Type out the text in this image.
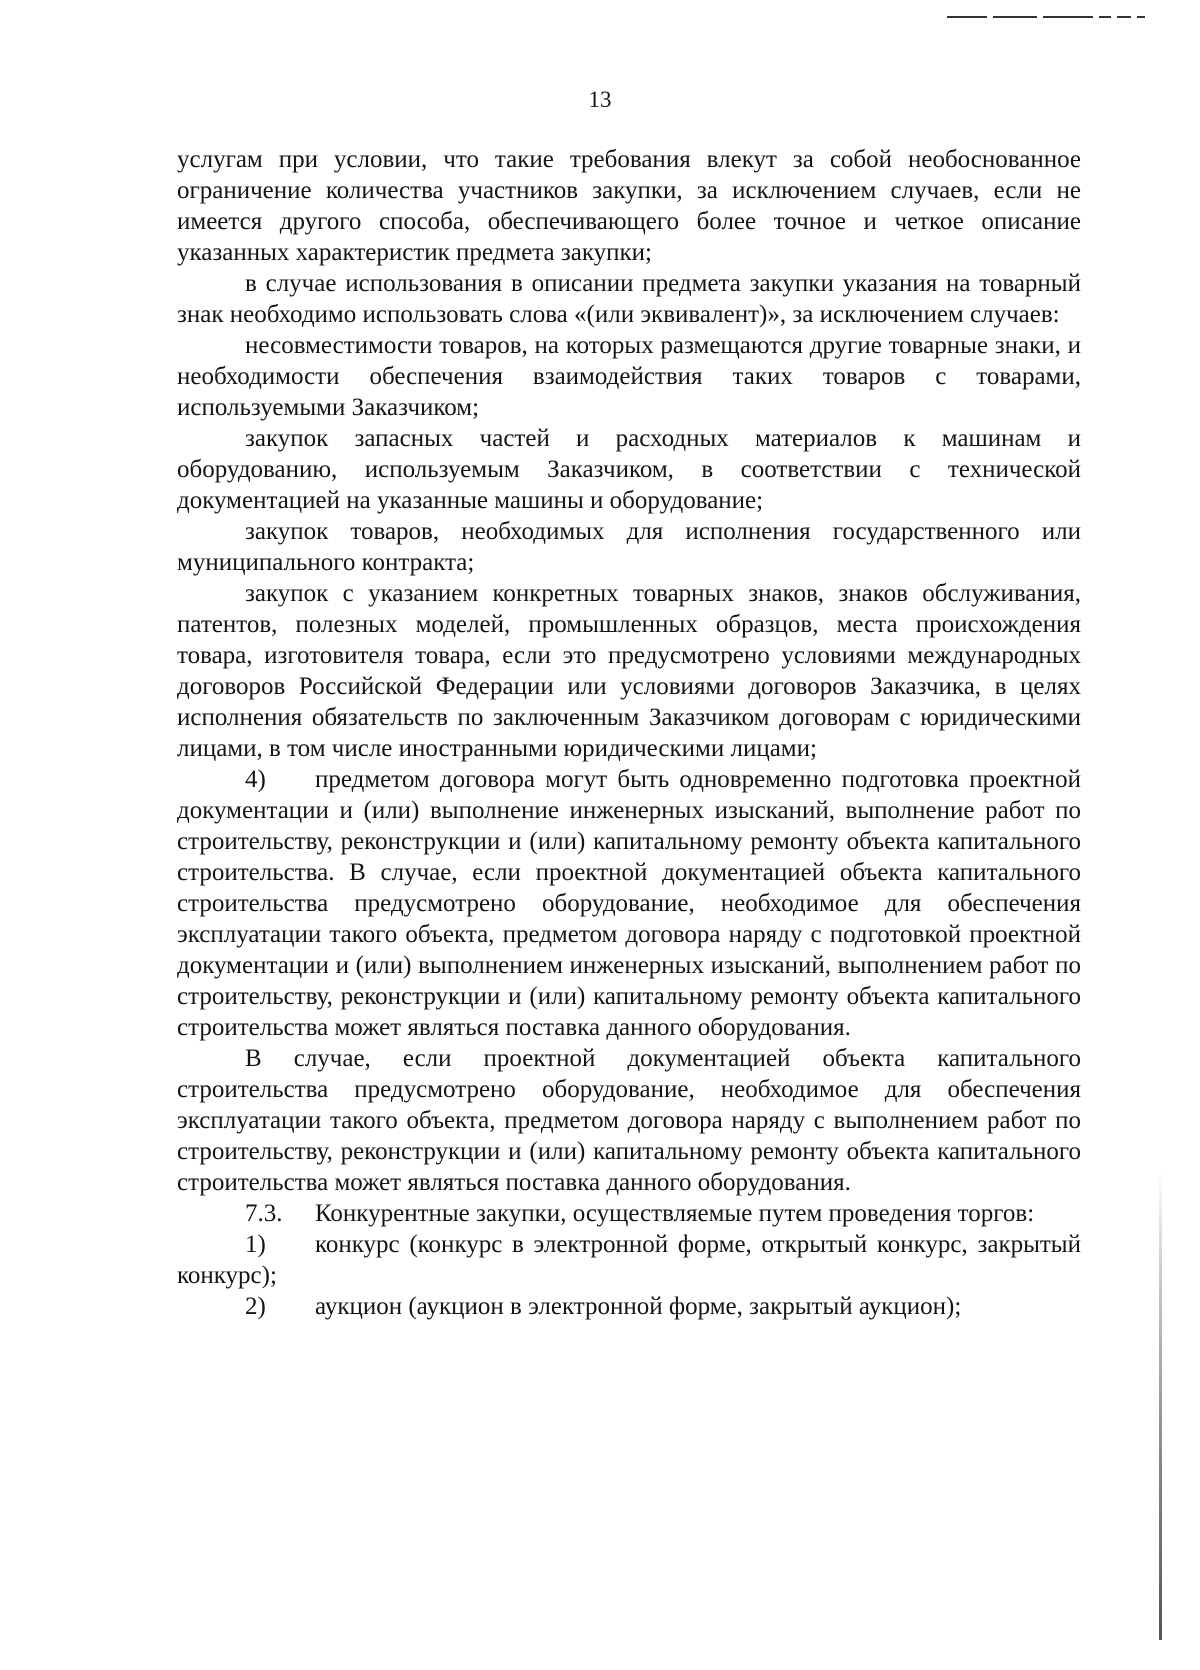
13

услугам при условии, что такие требования влекут за собой необоснованное ограничение количества участников закупки, за исключением случаев, если не имеется другого способа, обеспечивающего более точное и четкое описание указанных характеристик предмета закупки;

в случае использования в описании предмета закупки указания на товарный знак необходимо использовать слова «(или эквивалент)», за исключением случаев:

несовместимости товаров, на которых размещаются другие товарные знаки, и необходимости обеспечения взаимодействия таких товаров с товарами, используемыми Заказчиком;

закупок запасных частей и расходных материалов к машинам и оборудованию, используемым Заказчиком, в соответствии с технической документацией на указанные машины и оборудование;

закупок товаров, необходимых для исполнения государственного или муниципального контракта;

закупок с указанием конкретных товарных знаков, знаков обслуживания, патентов, полезных моделей, промышленных образцов, места происхождения товара, изготовителя товара, если это предусмотрено условиями международных договоров Российской Федерации или условиями договоров Заказчика, в целях исполнения обязательств по заключенным Заказчиком договорам с юридическими лицами, в том числе иностранными юридическими лицами;

4) предметом договора могут быть одновременно подготовка проектной документации и (или) выполнение инженерных изысканий, выполнение работ по строительству, реконструкции и (или) капитальному ремонту объекта капитального строительства. В случае, если проектной документацией объекта капитального строительства предусмотрено оборудование, необходимое для обеспечения эксплуатации такого объекта, предметом договора наряду с подготовкой проектной документации и (или) выполнением инженерных изысканий, выполнением работ по строительству, реконструкции и (или) капитальному ремонту объекта капитального строительства может являться поставка данного оборудования.

В случае, если проектной документацией объекта капитального строительства предусмотрено оборудование, необходимое для обеспечения эксплуатации такого объекта, предметом договора наряду с выполнением работ по строительству, реконструкции и (или) капитальному ремонту объекта капитального строительства может являться поставка данного оборудования.

7.3. Конкурентные закупки, осуществляемые путем проведения торгов:

1) конкурс (конкурс в электронной форме, открытый конкурс, закрытый конкурс);

2) аукцион (аукцион в электронной форме, закрытый аукцион);
